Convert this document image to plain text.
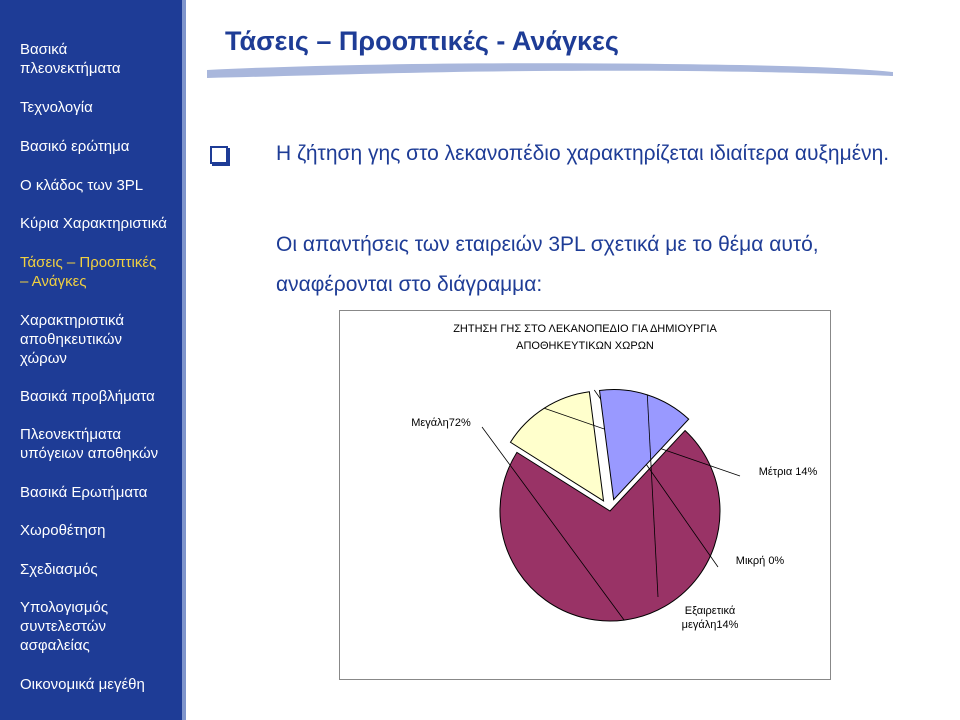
Βασικά
πλεονεκτήματα
Τεχνολογία
Βασικό ερώτημα
Ο κλάδος των 3PL
Κύρια Χαρακτηριστικά
Τάσεις – Προοπτικές
– Ανάγκες
Χαρακτηριστικά
αποθηκευτικών
χώρων
Βασικά προβλήματα
Πλεονεκτήματα
υπόγειων αποθηκών
Βασικά Ερωτήματα
Χωροθέτηση
Σχεδιασμός
Υπολογισμός
συντελεστών
ασφαλείας
Οικονομικά μεγέθη
Τάσεις – Προοπτικές - Ανάγκες
Η ζήτηση γης στο λεκανοπέδιο χαρακτηρίζεται ιδιαίτερα αυξημένη.
Οι απαντήσεις των εταιρειών 3PL σχετικά με το θέμα αυτό, αναφέρονται στο διάγραμμα:
ΖΗΤΗΣΗ ΓΗΣ ΣΤΟ ΛΕΚΑΝΟΠΕΔΙΟ ΓΙΑ ΔΗΜΙΟΥΡΓΙΑ
ΑΠΟΘΗΚΕΥΤΙΚΩΝ ΧΩΡΩΝ
Μεγάλη72%
Μέτρια 14%
Μικρή 0%
Εξαιρετικά μεγάλη14%
